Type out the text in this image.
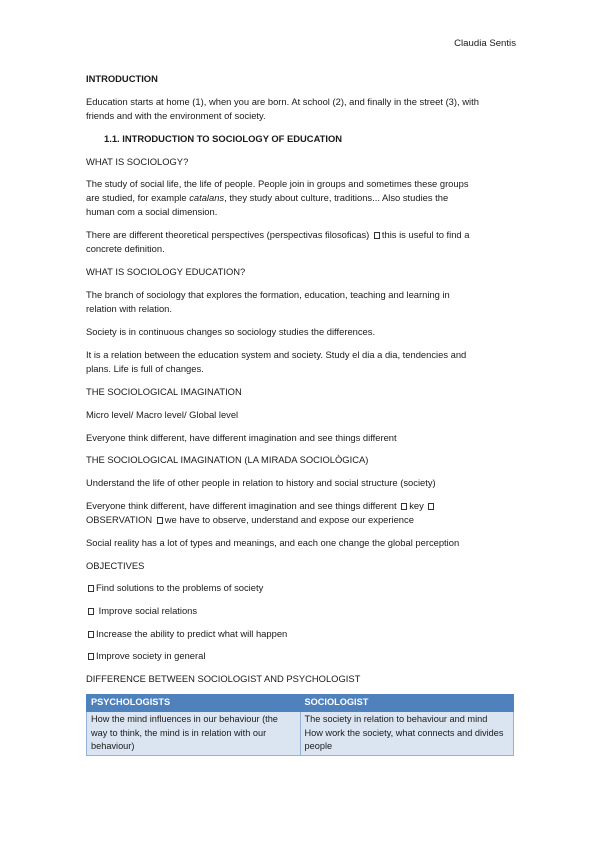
Claudia Sentis
INTRODUCTION
Education starts at home (1), when you are born. At school (2), and finally in the street (3), with
friends and with the environment of society.
1.1. INTRODUCTION TO SOCIOLOGY OF EDUCATION
WHAT IS SOCIOLOGY?
The study of social life, the life of people. People join in groups and sometimes these groups
are studied, for example catalans, they study about culture, traditions... Also studies the
human com a social dimension.
There are different theoretical perspectives (perspectivas filosoficas) this is useful to find a
concrete definition.
WHAT IS SOCIOLOGY EDUCATION?
The branch of sociology that explores the formation, education, teaching and learning in
relation with relation.
Society is in continuous changes so sociology studies the differences.
It is a relation between the education system and society. Study el dia a dia, tendencies and
plans. Life is full of changes.
THE SOCIOLOGICAL IMAGINATION
Micro level/ Macro level/ Global level
Everyone think different, have different imagination and see things different
THE SOCIOLOGICAL IMAGINATION (LA MIRADA SOCIOLÒGICA)
Understand the life of other people in relation to history and social structure (society)
Everyone think different, have different imagination and see things different key
OBSERVATION we have to observe, understand and expose our experience
Social reality has a lot of types and meanings, and each one change the global perception
OBJECTIVES
Find solutions to the problems of society
Improve social relations
Increase the ability to predict what will happen
Improve society in general
DIFFERENCE BETWEEN SOCIOLOGIST AND PSYCHOLOGIST
PSYCHOLOGISTS	SOCIOLOGIST
How the mind influences in our behaviour (the way to think, the mind is in relation with our behaviour)	The society in relation to behaviour and mind
How work the society, what connects and divides people
